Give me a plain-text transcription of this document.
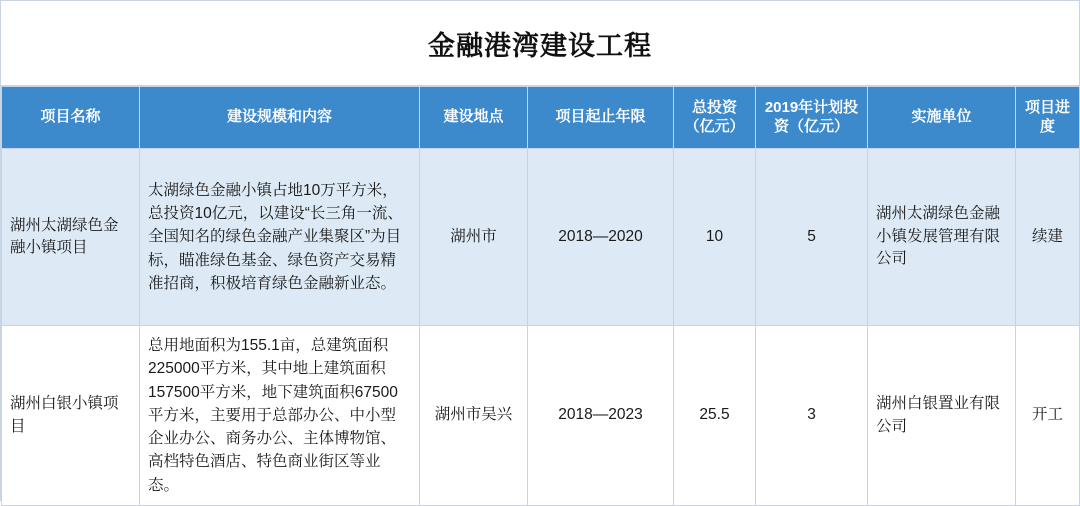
金融港湾建设工程
项目名称	建设规模和内容	建设地点	项目起止年限	总投资（亿元）	2019年计划投资（亿元）	实施单位	项目进度
湖州太湖绿色金融小镇项目	太湖绿色金融小镇占地10万平方米，总投资10亿元，以建设“长三角一流、全国知名的绿色金融产业集聚区”为目标，瞄准绿色基金、绿色资产交易精准招商，积极培育绿色金融新业态。	湖州市	2018—2020	10	5	湖州太湖绿色金融小镇发展管理有限公司	续建
湖州白银小镇项目	总用地面积为155.1亩，总建筑面积225000平方米，其中地上建筑面积157500平方米，地下建筑面积67500平方米，主要用于总部办公、中小型企业办公、商务办公、主体博物馆、高档特色酒店、特色商业街区等业态。	湖州市吴兴	2018—2023	25.5	3	湖州白银置业有限公司	开工
